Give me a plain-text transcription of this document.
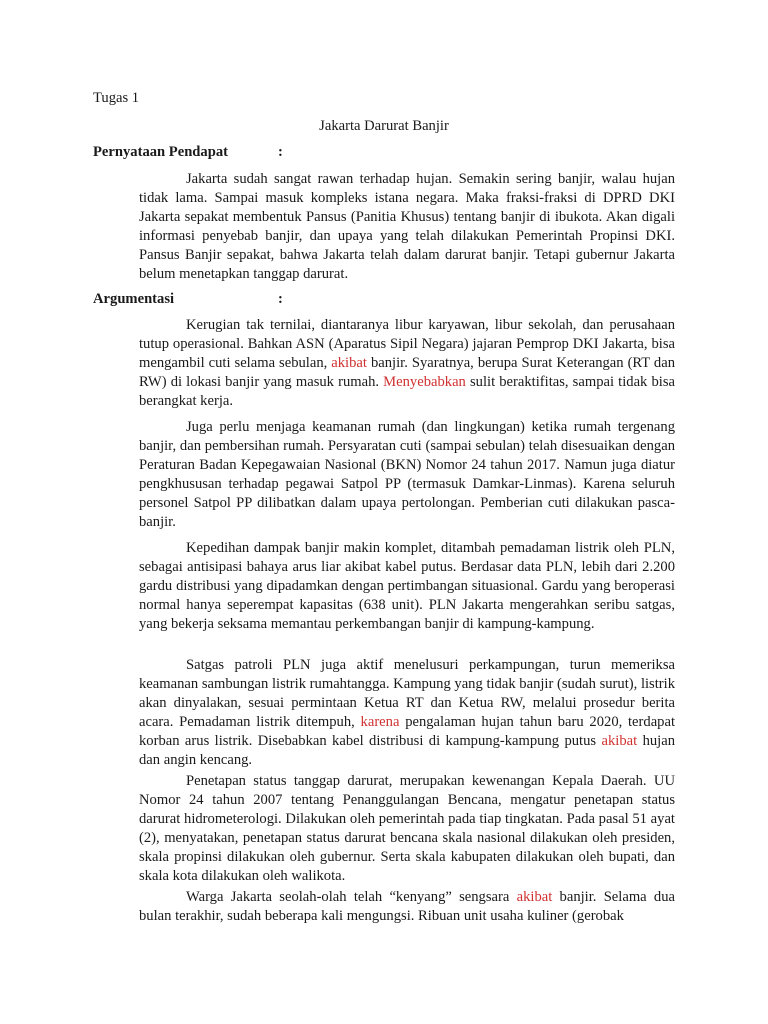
Tugas 1
Jakarta Darurat Banjir
Pernyataan Pendapat	:

Jakarta sudah sangat rawan terhadap hujan. Semakin sering banjir, walau hujan tidak lama. Sampai masuk kompleks istana negara. Maka fraksi-fraksi di DPRD DKI Jakarta sepakat membentuk Pansus (Panitia Khusus) tentang banjir di ibukota. Akan digali informasi penyebab banjir, dan upaya yang telah dilakukan Pemerintah Propinsi DKI. Pansus Banjir sepakat, bahwa Jakarta telah dalam darurat banjir. Tetapi gubernur Jakarta belum menetapkan tanggap darurat.

Argumentasi	:

Kerugian tak ternilai, diantaranya libur karyawan, libur sekolah, dan perusahaan tutup operasional. Bahkan ASN (Aparatus Sipil Negara) jajaran Pemprop DKI Jakarta, bisa mengambil cuti selama sebulan, akibat banjir. Syaratnya, berupa Surat Keterangan (RT dan RW) di lokasi banjir yang masuk rumah. Menyebabkan sulit beraktifitas, sampai tidak bisa berangkat kerja.

Juga perlu menjaga keamanan rumah (dan lingkungan) ketika rumah tergenang banjir, dan pembersihan rumah. Persyaratan cuti (sampai sebulan) telah disesuaikan dengan Peraturan Badan Kepegawaian Nasional (BKN) Nomor 24 tahun 2017. Namun juga diatur pengkhususan terhadap pegawai Satpol PP (termasuk Damkar-Linmas). Karena seluruh personel Satpol PP dilibatkan dalam upaya pertolongan. Pemberian cuti dilakukan pasca-banjir.

Kepedihan dampak banjir makin komplet, ditambah pemadaman listrik oleh PLN, sebagai antisipasi bahaya arus liar akibat kabel putus. Berdasar data PLN, lebih dari 2.200 gardu distribusi yang dipadamkan dengan pertimbangan situasional. Gardu yang beroperasi normal hanya seperempat kapasitas (638 unit). PLN Jakarta mengerahkan seribu satgas, yang bekerja seksama memantau perkembangan banjir di kampung-kampung.

Satgas patroli PLN juga aktif menelusuri perkampungan, turun memeriksa keamanan sambungan listrik rumahtangga. Kampung yang tidak banjir (sudah surut), listrik akan dinyalakan, sesuai permintaan Ketua RT dan Ketua RW, melalui prosedur berita acara. Pemadaman listrik ditempuh, karena pengalaman hujan tahun baru 2020, terdapat korban arus listrik. Disebabkan kabel distribusi di kampung-kampung putus akibat hujan dan angin kencang.

Penetapan status tanggap darurat, merupakan kewenangan Kepala Daerah. UU Nomor 24 tahun 2007 tentang Penanggulangan Bencana, mengatur penetapan status darurat hidrometerologi. Dilakukan oleh pemerintah pada tiap tingkatan. Pada pasal 51 ayat (2), menyatakan, penetapan status darurat bencana skala nasional dilakukan oleh presiden, skala propinsi dilakukan oleh gubernur. Serta skala kabupaten dilakukan oleh bupati, dan skala kota dilakukan oleh walikota.

Warga Jakarta seolah-olah telah “kenyang” sengsara akibat banjir. Selama dua bulan terakhir, sudah beberapa kali mengungsi. Ribuan unit usaha kuliner (gerobak
